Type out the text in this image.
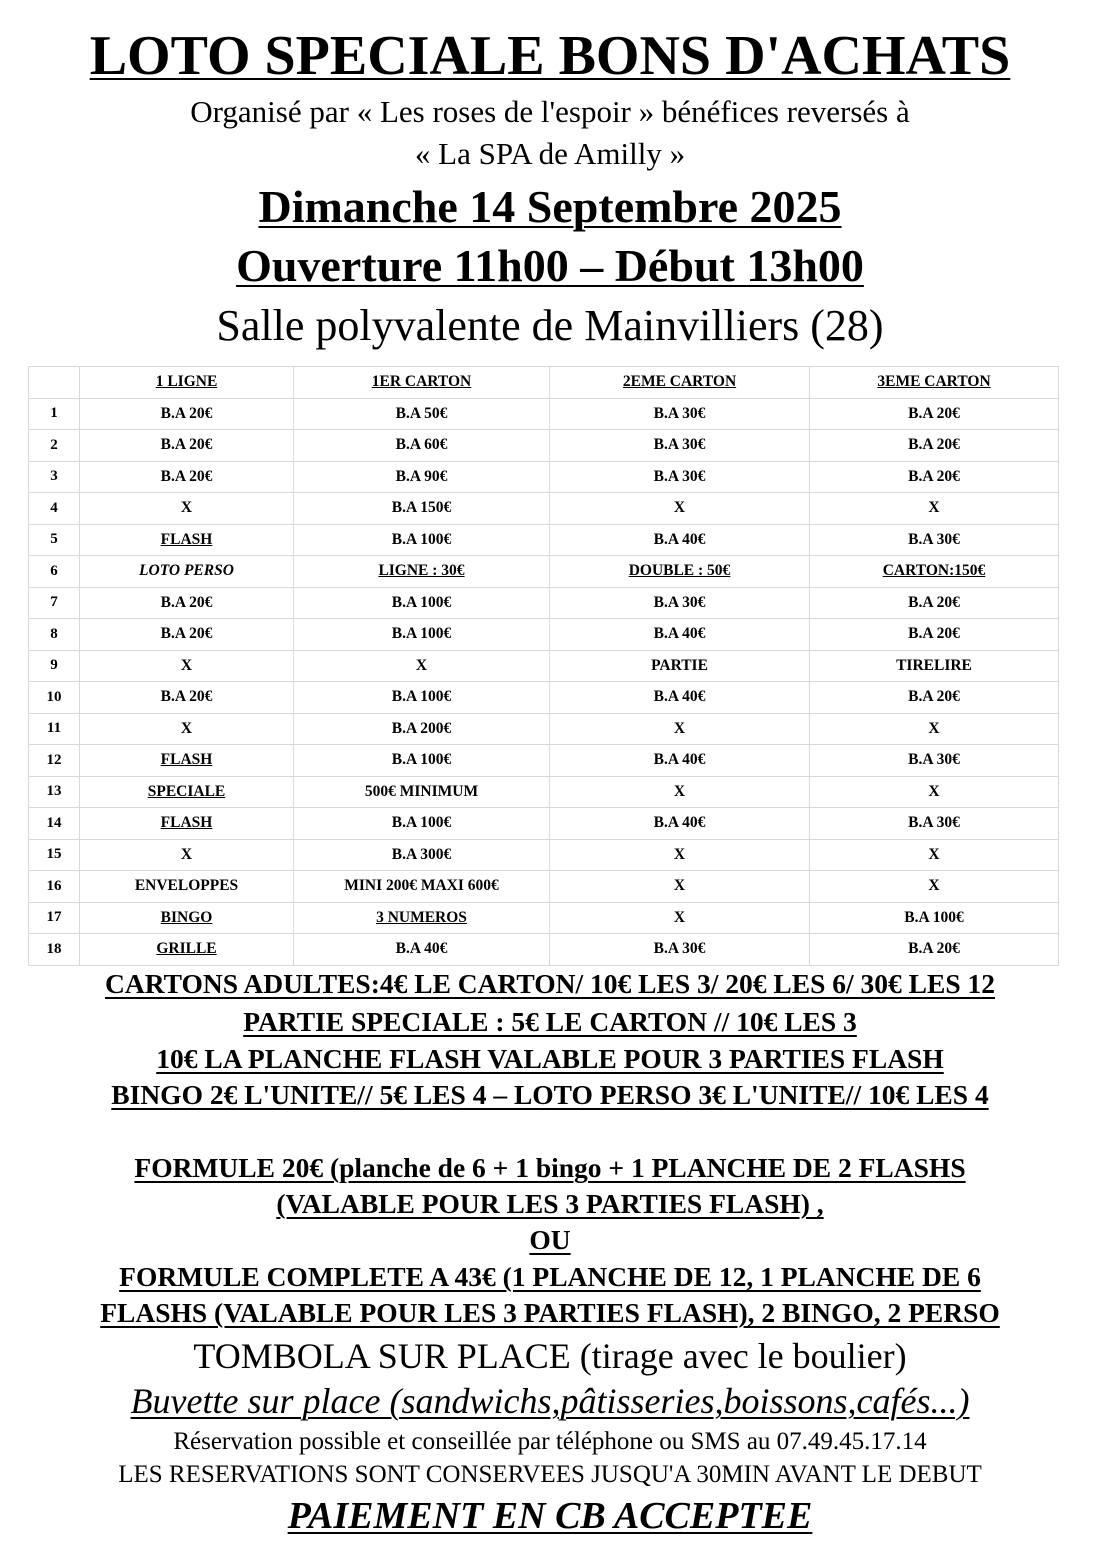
LOTO SPECIALE BONS D'ACHATS
Organisé par « Les roses de l'espoir » bénéfices reversés à
« La SPA de Amilly »
Dimanche 14 Septembre 2025
Ouverture 11h00 – Début 13h00
Salle polyvalente de Mainvilliers (28)
	1 LIGNE	1ER CARTON	2EME CARTON	3EME CARTON
1	B.A 20€	B.A 50€	B.A 30€	B.A 20€
2	B.A 20€	B.A 60€	B.A 30€	B.A 20€
3	B.A 20€	B.A 90€	B.A 30€	B.A 20€
4	X	B.A 150€	X	X
5	FLASH	B.A 100€	B.A 40€	B.A 30€
6	LOTO PERSO	LIGNE : 30€	DOUBLE : 50€	CARTON:150€
7	B.A 20€	B.A 100€	B.A 30€	B.A 20€
8	B.A 20€	B.A 100€	B.A 40€	B.A 20€
9	X	X	PARTIE	TIRELIRE
10	B.A 20€	B.A 100€	B.A 40€	B.A 20€
11	X	B.A 200€	X	X
12	FLASH	B.A 100€	B.A 40€	B.A 30€
13	SPECIALE	500€ MINIMUM	X	X
14	FLASH	B.A 100€	B.A 40€	B.A 30€
15	X	B.A 300€	X	X
16	ENVELOPPES	MINI 200€ MAXI 600€	X	X
17	BINGO	3 NUMEROS	X	B.A 100€
18	GRILLE	B.A 40€	B.A 30€	B.A 20€
CARTONS ADULTES:4€ LE CARTON/ 10€ LES 3/ 20€ LES 6/ 30€ LES 12
PARTIE SPECIALE : 5€ LE CARTON // 10€ LES 3
10€ LA PLANCHE FLASH VALABLE POUR 3 PARTIES FLASH
BINGO 2€ L'UNITE// 5€ LES 4 – LOTO PERSO 3€ L'UNITE// 10€ LES 4
FORMULE 20€ (planche de 6 + 1 bingo + 1 PLANCHE DE 2 FLASHS
(VALABLE POUR LES 3 PARTIES FLASH) ,
OU
FORMULE COMPLETE A 43€ (1 PLANCHE DE 12, 1 PLANCHE DE 6
FLASHS (VALABLE POUR LES 3 PARTIES FLASH), 2 BINGO, 2 PERSO
TOMBOLA SUR PLACE (tirage avec le boulier)
Buvette sur place (sandwichs,pâtisseries,boissons,cafés...)
Réservation possible et conseillée par téléphone ou SMS au 07.49.45.17.14
LES RESERVATIONS SONT CONSERVEES JUSQU'A 30MIN AVANT LE DEBUT
PAIEMENT EN CB ACCEPTEE
